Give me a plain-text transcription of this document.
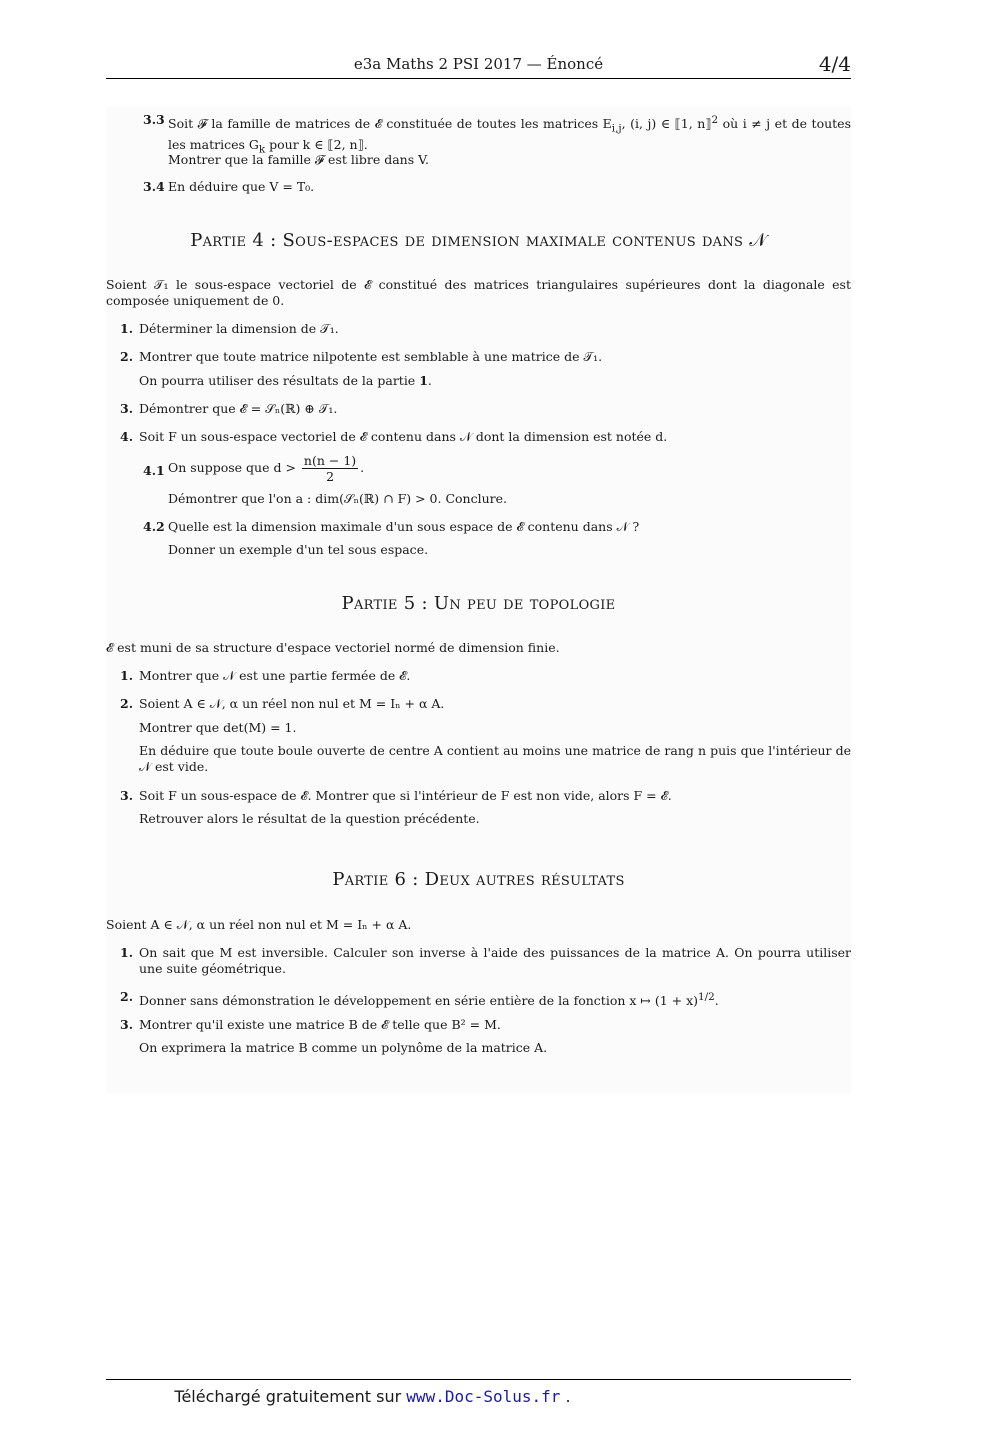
e3a Maths 2 PSI 2017 — Énoncé	4/4
3.3 Soit 𝓕 la famille de matrices de 𝓔 constituée de toutes les matrices $E_{i,j}$, (i, j) ∈ ⟦1, n⟧$^2$ où i ≠ j et de toutes les matrices $G_k$ pour k ∈ ⟦2, n⟧.
Montrer que la famille 𝓕 est libre dans V.
3.4 En déduire que V = T₀.
Partie 4 : Sous-espaces de dimension maximale contenus dans 𝒩
Soient 𝒯₁ le sous-espace vectoriel de 𝓔 constitué des matrices triangulaires supérieures dont la diagonale est composée uniquement de 0.
1. Déterminer la dimension de 𝒯₁.
2. Montrer que toute matrice nilpotente est semblable à une matrice de 𝒯₁.
On pourra utiliser des résultats de la partie 1.
3. Démontrer que 𝓔 = 𝒮ₙ(ℝ) ⊕ 𝒯₁.
4. Soit F un sous-espace vectoriel de 𝓔 contenu dans 𝒩 dont la dimension est notée d.
4.1 On suppose que $d > \frac{n(n - 1)}{2}$ .
Démontrer que l'on a : dim(𝒮ₙ(ℝ) ∩ F) > 0. Conclure.
4.2 Quelle est la dimension maximale d'un sous espace de 𝓔 contenu dans 𝒩 ?
Donner un exemple d'un tel sous espace.
Partie 5 : Un peu de topologie
𝓔 est muni de sa structure d'espace vectoriel normé de dimension finie.
1. Montrer que 𝒩 est une partie fermée de 𝓔.
2. Soient A ∈ 𝒩, α un réel non nul et M = Iₙ + α A.
Montrer que det(M) = 1.
En déduire que toute boule ouverte de centre A contient au moins une matrice de rang n puis que l'intérieur de 𝒩 est vide.
3. Soit F un sous-espace de 𝓔. Montrer que si l'intérieur de F est non vide, alors F = 𝓔.
Retrouver alors le résultat de la question précédente.
Partie 6 : Deux autres résultats
Soient A ∈ 𝒩, α un réel non nul et M = Iₙ + α A.
1. On sait que M est inversible. Calculer son inverse à l'aide des puissances de la matrice A. On pourra utiliser une suite géométrique.
2. Donner sans démonstration le développement en série entière de la fonction x ↦ $(1 + x)^{1/2}$.
3. Montrer qu'il existe une matrice B de 𝓔 telle que B² = M.
On exprimera la matrice B comme un polynôme de la matrice A.
Téléchargé gratuitement sur www.Doc-Solus.fr .
